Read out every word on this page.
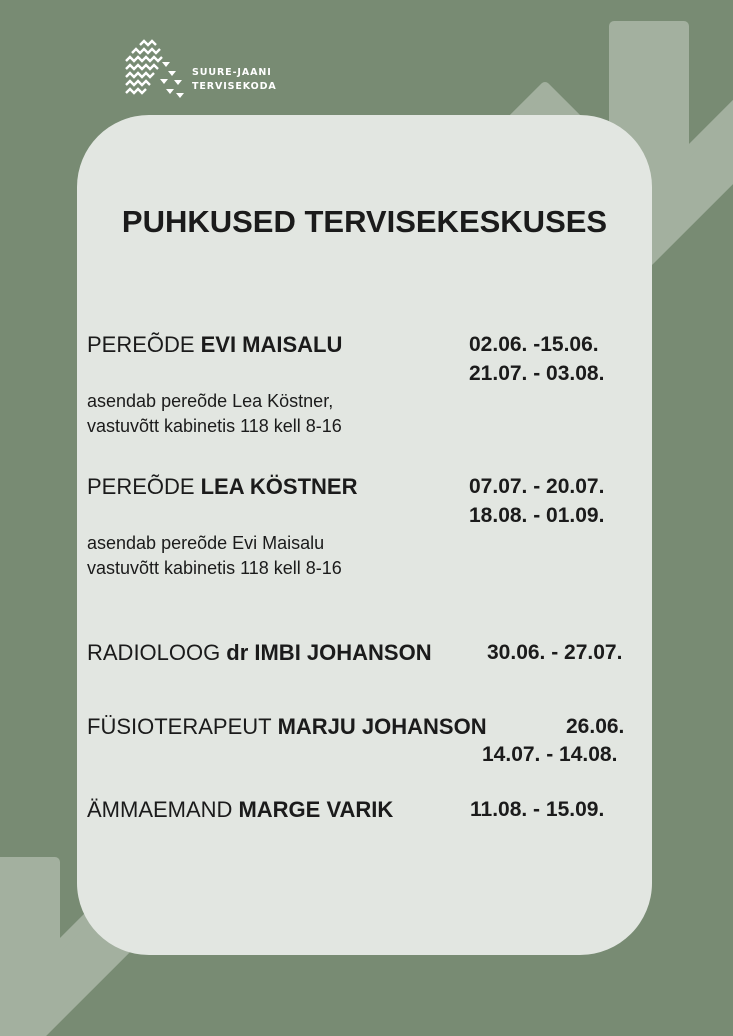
SUURE-JAANI
TERVISEKODA
PUHKUSED TERVISEKESKUSES
PEREÕDE EVI MAISALU	02.06. -15.06.
21.07. - 03.08.
asendab pereõde Lea Köstner,
vastuvõtt kabinetis 118 kell 8-16
PEREÕDE LEA KÖSTNER	07.07. - 20.07.
18.08. - 01.09.
asendab pereõde Evi Maisalu
vastuvõtt kabinetis 118 kell 8-16
RADIOLOOG dr IMBI JOHANSON	30.06. - 27.07.
FÜSIOTERAPEUT MARJU JOHANSON	26.06.
14.07. - 14.08.
ÄMMAEMAND MARGE VARIK	11.08. - 15.09.
